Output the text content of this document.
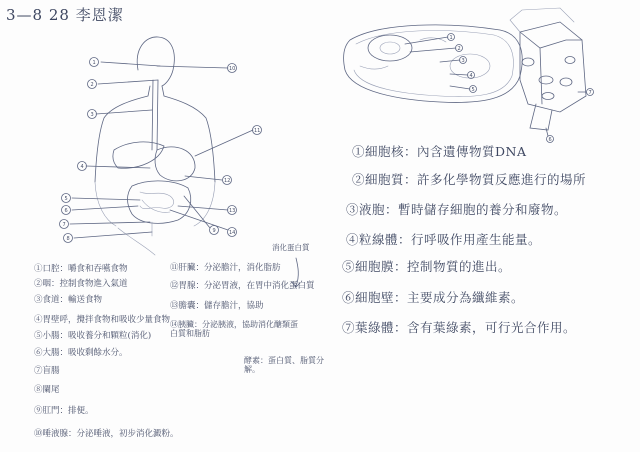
3—8 28 李恩潔
1
2
3
4
5
6
7
8
9
10
11
12
13
14
1
2
3
4
5
6
7
①口腔：嚼食和吞嚥食物
②咽：控制食物進入氣道
③食道：輸送食物
④胃壁呼，攪拌食物和吸收少量食物
⑤小腸：吸收養分和顆粒(消化)
⑥大腸：吸收剩餘水分。
⑦盲腸
⑧闌尾
⑨肛門：排便。
⑩唾液腺：分泌唾液，初步消化澱粉。
⑪肝臟：分泌膽汁，消化脂肪
⑫胃腺：分泌胃液，在胃中消化蛋白質
⑬膽囊：儲存膽汁，協助
⑭胰臟：分泌胰液，協助消化醣類蛋白質和脂肪
消化蛋白質
酵素：蛋白質、脂質分解。
①細胞核：內含遺傳物質DNA
②細胞質：許多化學物質反應進行的場所
③液胞：暫時儲存細胞的養分和廢物。
④粒線體：行呼吸作用產生能量。
⑤細胞膜：控制物質的進出。
⑥細胞壁：主要成分為纖維素。
⑦葉綠體：含有葉綠素，可行光合作用。
